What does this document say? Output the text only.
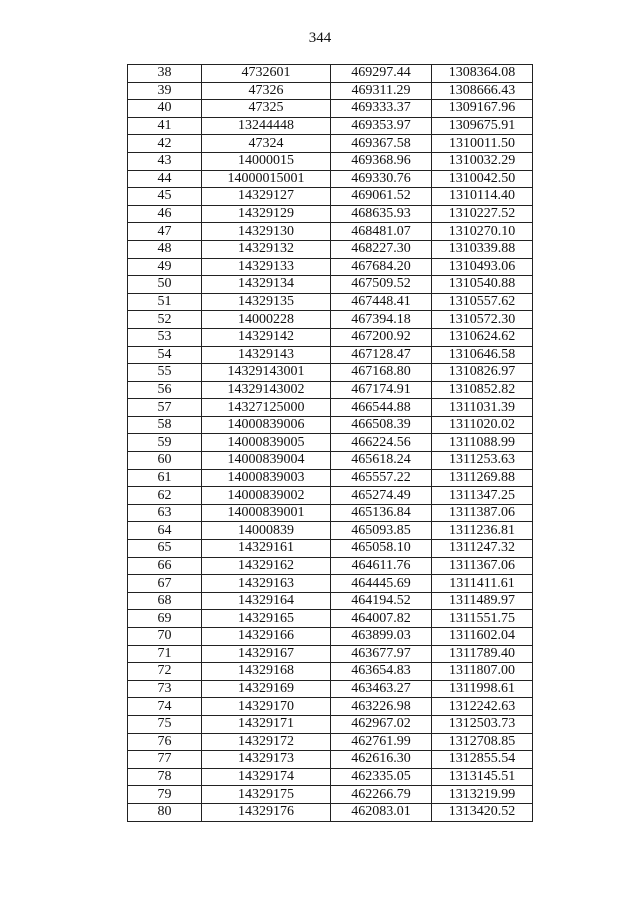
344
38	4732601	469297.44	1308364.08
39	47326	469311.29	1308666.43
40	47325	469333.37	1309167.96
41	13244448	469353.97	1309675.91
42	47324	469367.58	1310011.50
43	14000015	469368.96	1310032.29
44	14000015001	469330.76	1310042.50
45	14329127	469061.52	1310114.40
46	14329129	468635.93	1310227.52
47	14329130	468481.07	1310270.10
48	14329132	468227.30	1310339.88
49	14329133	467684.20	1310493.06
50	14329134	467509.52	1310540.88
51	14329135	467448.41	1310557.62
52	14000228	467394.18	1310572.30
53	14329142	467200.92	1310624.62
54	14329143	467128.47	1310646.58
55	14329143001	467168.80	1310826.97
56	14329143002	467174.91	1310852.82
57	14327125000	466544.88	1311031.39
58	14000839006	466508.39	1311020.02
59	14000839005	466224.56	1311088.99
60	14000839004	465618.24	1311253.63
61	14000839003	465557.22	1311269.88
62	14000839002	465274.49	1311347.25
63	14000839001	465136.84	1311387.06
64	14000839	465093.85	1311236.81
65	14329161	465058.10	1311247.32
66	14329162	464611.76	1311367.06
67	14329163	464445.69	1311411.61
68	14329164	464194.52	1311489.97
69	14329165	464007.82	1311551.75
70	14329166	463899.03	1311602.04
71	14329167	463677.97	1311789.40
72	14329168	463654.83	1311807.00
73	14329169	463463.27	1311998.61
74	14329170	463226.98	1312242.63
75	14329171	462967.02	1312503.73
76	14329172	462761.99	1312708.85
77	14329173	462616.30	1312855.54
78	14329174	462335.05	1313145.51
79	14329175	462266.79	1313219.99
80	14329176	462083.01	1313420.52
